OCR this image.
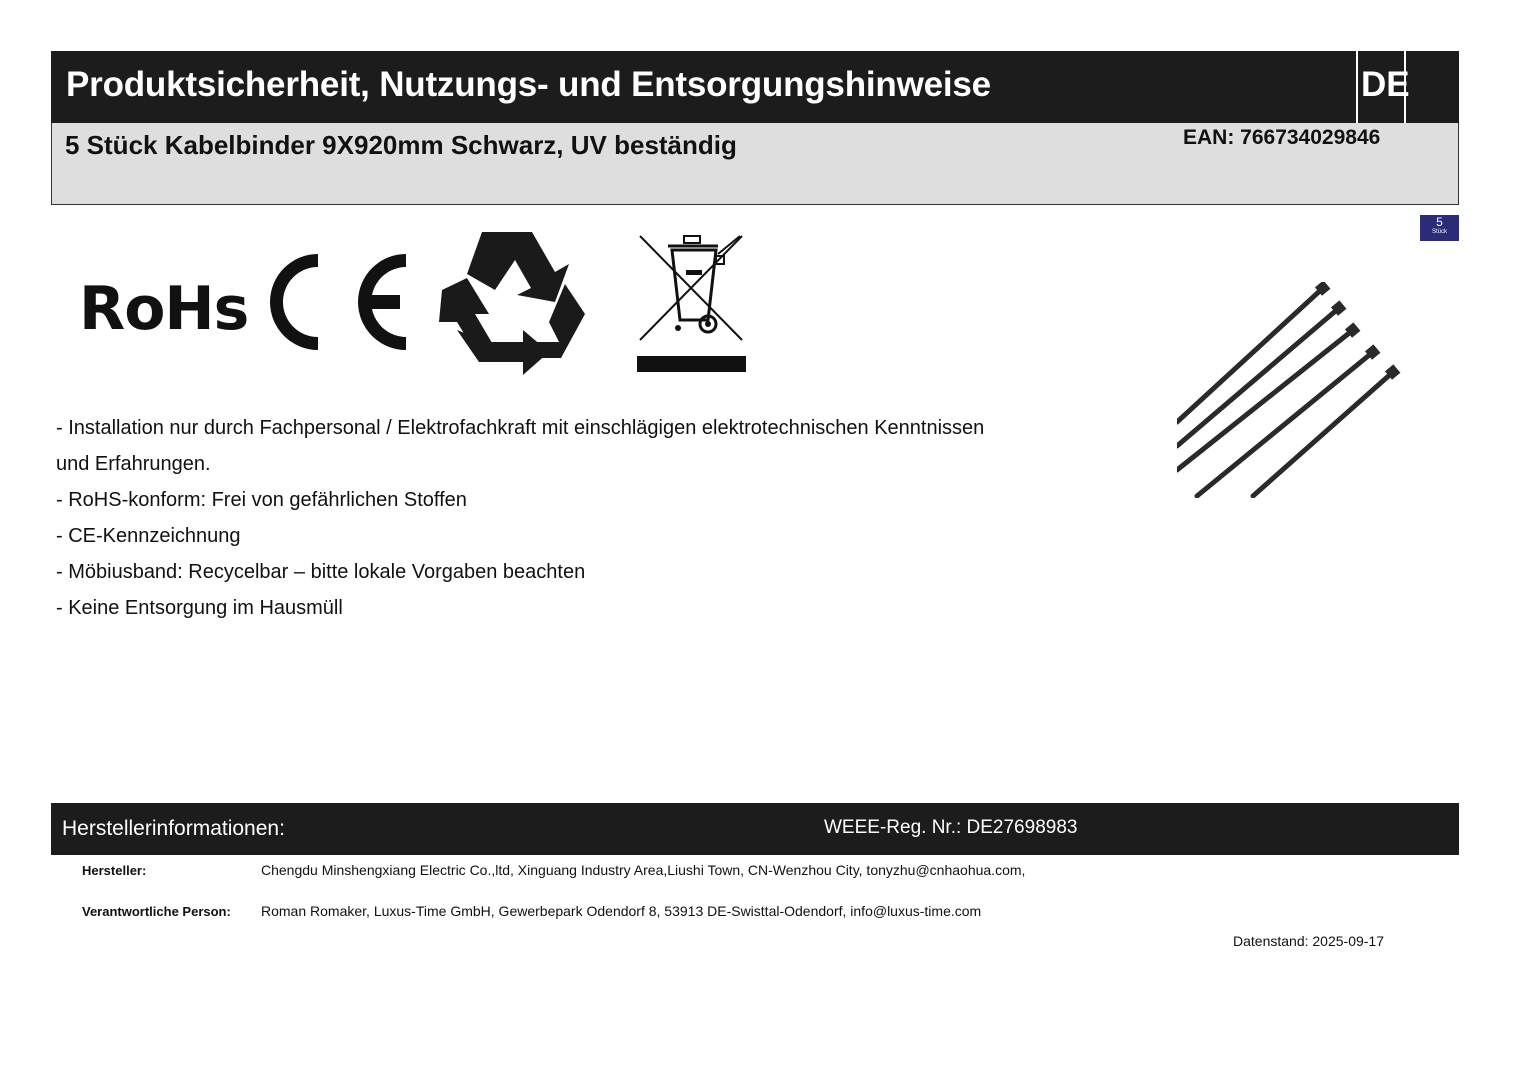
Produktsicherheit, Nutzungs- und Entsorgungshinweise	DE
5 Stück Kabelbinder 9X920mm Schwarz, UV beständig	EAN: 766734029846
5
Stück
RoHs
- Installation nur durch Fachpersonal / Elektrofachkraft mit einschlägigen elektrotechnischen Kenntnissen
und Erfahrungen.
- RoHS-konform: Frei von gefährlichen Stoffen
- CE-Kennzeichnung
- Möbiusband: Recycelbar – bitte lokale Vorgaben beachten
- Keine Entsorgung im Hausmüll
Herstellerinformationen:	WEEE-Reg. Nr.: DE27698983
Hersteller:	Chengdu Minshengxiang Electric Co.,ltd, Xinguang Industry Area,Liushi Town, CN-Wenzhou City, tonyzhu@cnhaohua.com,
Verantwortliche Person: Roman Romaker, Luxus-Time GmbH, Gewerbepark Odendorf 8, 53913 DE-Swisttal-Odendorf, info@luxus-time.com
Datenstand: 2025-09-17
